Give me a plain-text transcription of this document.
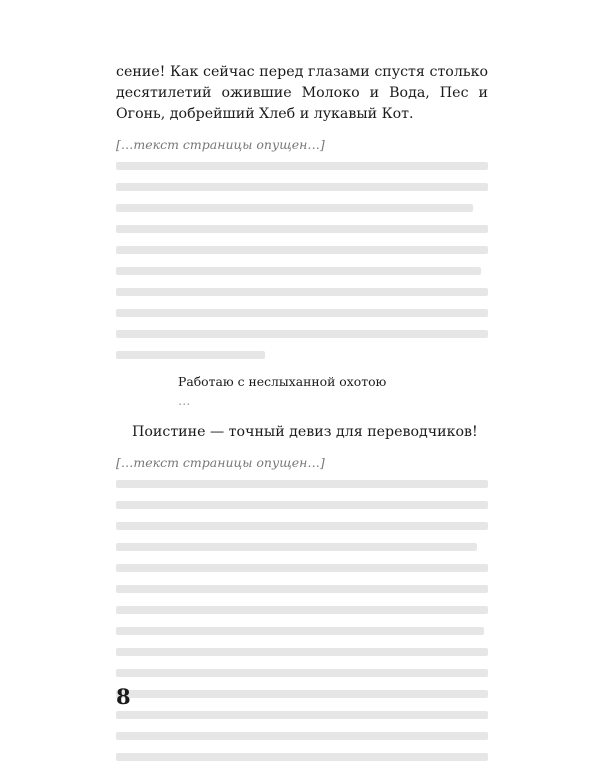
сение! Как сейчас перед глазами спустя столько десятилетий ожившие Молоко и Вода, Пес и Огонь, добрейший Хлеб и лукавый Кот.

[…текст страницы опущен…]

Работаю с неслыханной охотою
…

Поистине — точный девиз для переводчиков!

[…текст страницы опущен…]

8
